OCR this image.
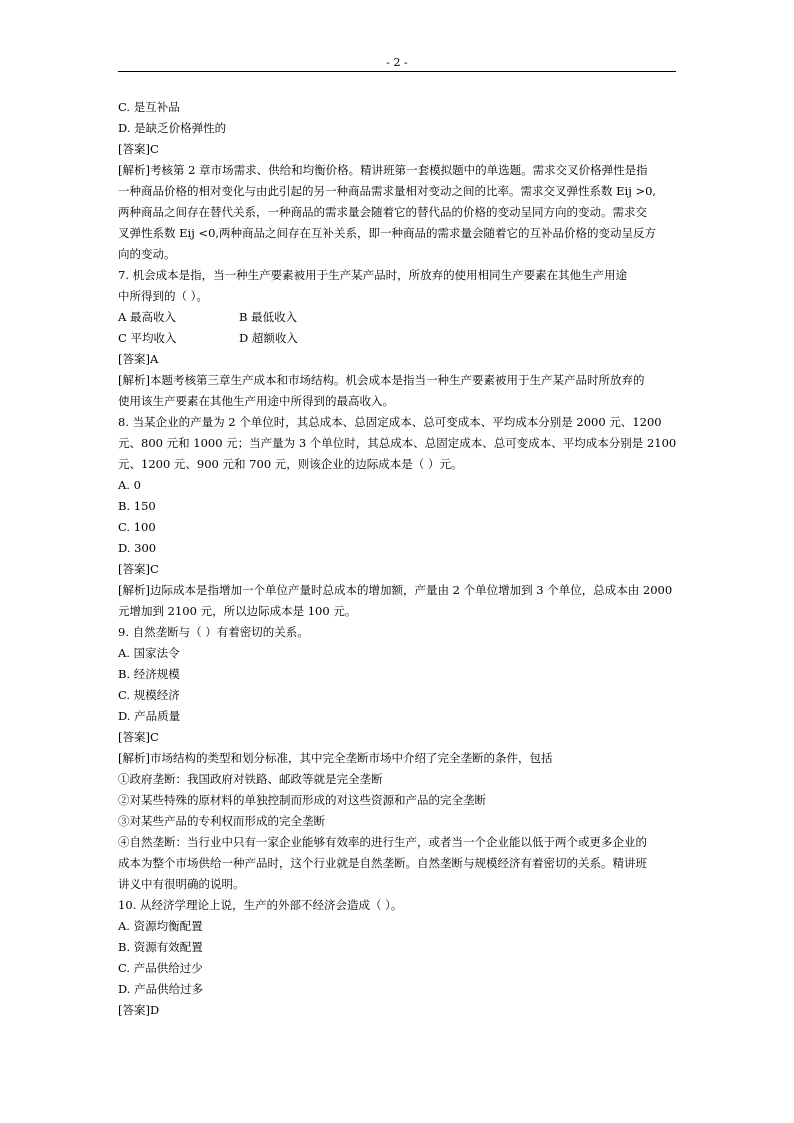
- 2 -
C. 是互补品
D. 是缺乏价格弹性的
[答案]C
[解析]考核第 2 章市场需求、供给和均衡价格。精讲班第一套模拟题中的单选题。需求交叉价格弹性是指
一种商品价格的相对变化与由此引起的另一种商品需求量相对变动之间的比率。需求交叉弹性系数 Eij >0,
两种商品之间存在替代关系，一种商品的需求量会随着它的替代品的价格的变动呈同方向的变动。需求交
叉弹性系数 Eij <0,两种商品之间存在互补关系，即一种商品的需求量会随着它的互补品价格的变动呈反方
向的变动。
7. 机会成本是指，当一种生产要素被用于生产某产品时，所放弃的使用相同生产要素在其他生产用途
中所得到的（ ）。
A 最高收入	B 最低收入
C 平均收入	D 超额收入
[答案]A
[解析]本题考核第三章生产成本和市场结构。机会成本是指当一种生产要素被用于生产某产品时所放弃的
使用该生产要素在其他生产用途中所得到的最高收入。
8. 当某企业的产量为 2 个单位时，其总成本、总固定成本、总可变成本、平均成本分别是 2000 元、1200
元、800 元和 1000 元；当产量为 3 个单位时，其总成本、总固定成本、总可变成本、平均成本分别是 2100
元、1200 元、900 元和 700 元，则该企业的边际成本是（ ）元。
A. 0
B. 150
C. 100
D. 300
[答案]C
[解析]边际成本是指增加一个单位产量时总成本的增加额，产量由 2 个单位增加到 3 个单位，总成本由 2000
元增加到 2100 元，所以边际成本是 100 元。
9. 自然垄断与（ ）有着密切的关系。
A. 国家法令
B. 经济规模
C. 规模经济
D. 产品质量
[答案]C
[解析]市场结构的类型和划分标准，其中完全垄断市场中介绍了完全垄断的条件，包括
①政府垄断：我国政府对铁路、邮政等就是完全垄断
②对某些特殊的原材料的单独控制而形成的对这些资源和产品的完全垄断
③对某些产品的专利权而形成的完全垄断
④自然垄断：当行业中只有一家企业能够有效率的进行生产，或者当一个企业能以低于两个或更多企业的
成本为整个市场供给一种产品时，这个行业就是自然垄断。自然垄断与规模经济有着密切的关系。精讲班
讲义中有很明确的说明。
10. 从经济学理论上说，生产的外部不经济会造成（ ）。
A. 资源均衡配置
B. 资源有效配置
C. 产品供给过少
D. 产品供给过多
[答案]D
